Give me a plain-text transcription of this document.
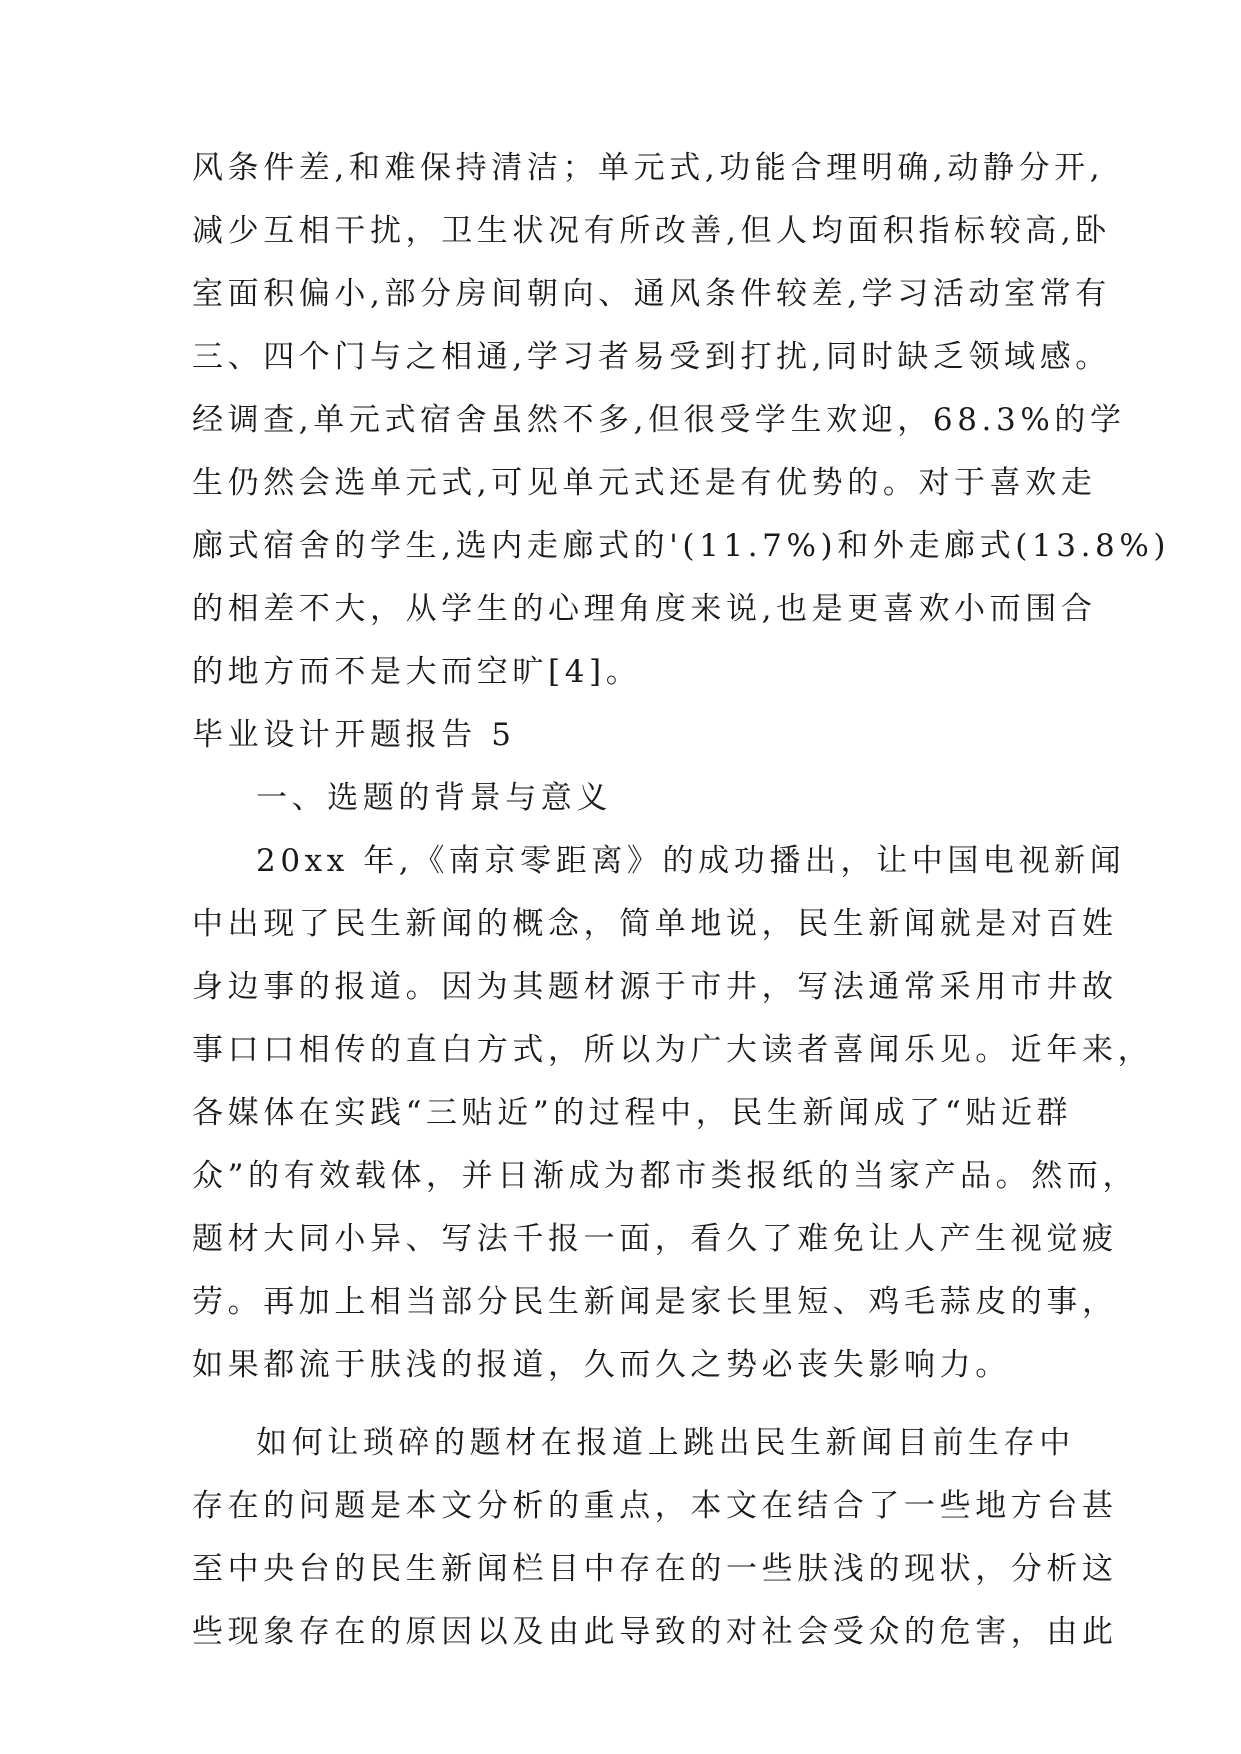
风条件差,和难保持清洁；单元式,功能合理明确,动静分开,
减少互相干扰，卫生状况有所改善,但人均面积指标较高,卧
室面积偏小,部分房间朝向、通风条件较差,学习活动室常有
三、四个门与之相通,学习者易受到打扰,同时缺乏领域感。
经调查,单元式宿舍虽然不多,但很受学生欢迎，68.3%的学
生仍然会选单元式,可见单元式还是有优势的。对于喜欢走
廊式宿舍的学生,选内走廊式的'(11.7%)和外走廊式(13.8%)
的相差不大，从学生的心理角度来说,也是更喜欢小而围合
的地方而不是大而空旷[4]。
毕业设计开题报告 5
一、选题的背景与意义
20xx 年,《南京零距离》的成功播出，让中国电视新闻
中出现了民生新闻的概念，简单地说，民生新闻就是对百姓
身边事的报道。因为其题材源于市井，写法通常采用市井故
事口口相传的直白方式，所以为广大读者喜闻乐见。近年来，
各媒体在实践“三贴近”的过程中，民生新闻成了“贴近群
众”的有效载体，并日渐成为都市类报纸的当家产品。然而，
题材大同小异、写法千报一面，看久了难免让人产生视觉疲
劳。再加上相当部分民生新闻是家长里短、鸡毛蒜皮的事，
如果都流于肤浅的报道，久而久之势必丧失影响力。
如何让琐碎的题材在报道上跳出民生新闻目前生存中
存在的问题是本文分析的重点，本文在结合了一些地方台甚
至中央台的民生新闻栏目中存在的一些肤浅的现状，分析这
些现象存在的原因以及由此导致的对社会受众的危害，由此
